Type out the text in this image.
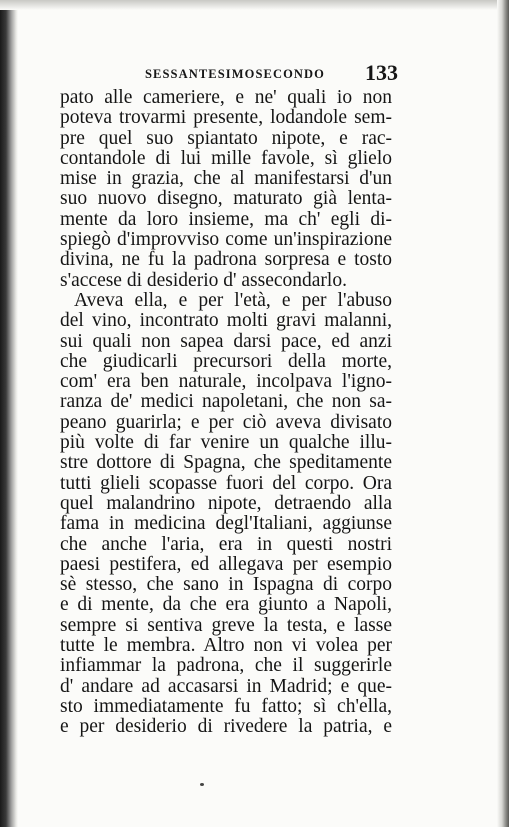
SESSANTESIMOSECONDO 133
pato alle cameriere, e ne' quali io non
poteva trovarmi presente, lodandole sem-
pre quel suo spiantato nipote, e rac-
contandole di lui mille favole, sì glielo
mise in grazia, che al manifestarsi d'un
suo nuovo disegno, maturato già lenta-
mente da loro insieme, ma ch' egli di-
spiegò d'improvviso come un'inspirazione
divina, ne fu la padrona sorpresa e tosto
s'accese di desiderio d' assecondarlo.
Aveva ella, e per l'età, e per l'abuso
del vino, incontrato molti gravi malanni,
sui quali non sapea darsi pace, ed anzi
che giudicarli precursori della morte,
com' era ben naturale, incolpava l'igno-
ranza de' medici napoletani, che non sa-
peano guarirla; e per ciò aveva divisato
più volte di far venire un qualche illu-
stre dottore di Spagna, che speditamente
tutti glieli scopasse fuori del corpo. Ora
quel malandrino nipote, detraendo alla
fama in medicina degl'Italiani, aggiunse
che anche l'aria, era in questi nostri
paesi pestifera, ed allegava per esempio
sè stesso, che sano in Ispagna di corpo
e di mente, da che era giunto a Napoli,
sempre si sentiva greve la testa, e lasse
tutte le membra. Altro non vi volea per
infiammar la padrona, che il suggerirle
d' andare ad accasarsi in Madrid; e que-
sto immediatamente fu fatto; sì ch'ella,
e per desiderio di rivedere la patria, e
